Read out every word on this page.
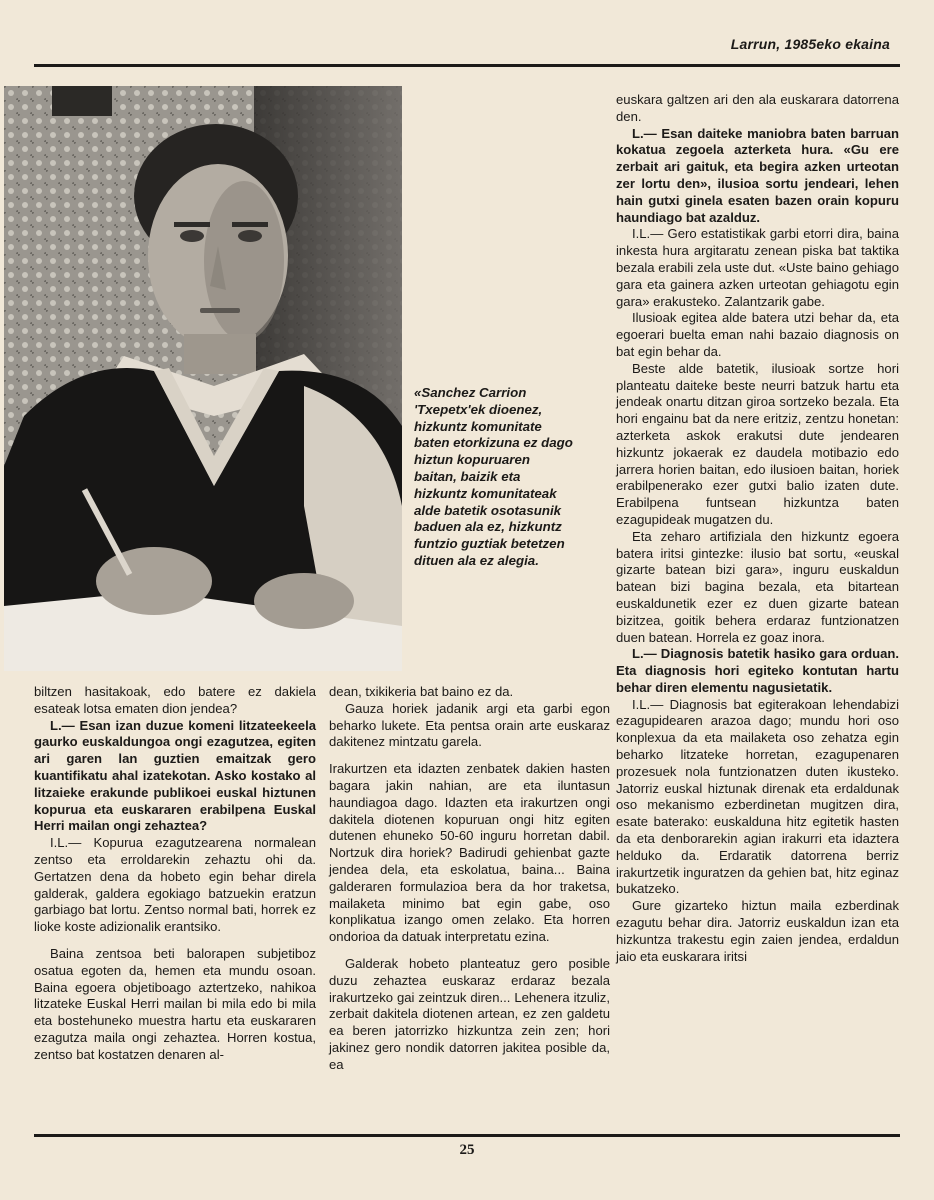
Larrun, 1985eko ekaina
«Sanchez Carrion
'Txepetx'ek dioenez,
hizkuntz komunitate
baten etorkizuna ez dago
hiztun kopuruaren
baitan, baizik eta
hizkuntz komunitateak
alde batetik osotasunik
baduen ala ez, hizkuntz
funtzio guztiak betetzen
dituen ala ez alegia.

euskara galtzen ari den ala euskarara datorrena den.

L.— Esan daiteke maniobra baten barruan kokatua zegoela azterketa hura. «Gu ere zerbait ari gaituk, eta begira azken urteotan zer lortu den», ilusioa sortu jendeari, lehen hain gutxi ginela esaten bazen orain kopuru haundiago bat azalduz.

I.L.— Gero estatistikak garbi etorri dira, baina inkesta hura argitaratu zenean piska bat taktika bezala erabili zela uste dut. «Uste baino gehiago gara eta gainera azken urteotan gehiagotu egin gara» erakusteko. Zalantzarik gabe.

Ilusioak egitea alde batera utzi behar da, eta egoerari buelta eman nahi bazaio diagnosis on bat egin behar da.

Beste alde batetik, ilusioak sortze hori planteatu daiteke beste neurri batzuk hartu eta jendeak onartu ditzan giroa sortzeko bezala. Eta hori engainu bat da nere eritziz, zentzu honetan: azterketa askok erakutsi dute jendearen hizkuntz jokaerak ez daudela motibazio edo jarrera horien baitan, edo ilusioen baitan, horiek erabilpenerako ezer gutxi balio izaten dute. Erabilpena funtsean hizkuntza baten ezagupideak mugatzen du.

Eta zeharo artifiziala den hizkuntz egoera batera iritsi gintezke: ilusio bat sortu, «euskal gizarte batean bizi gara», inguru euskaldun batean bizi bagina bezala, eta bitartean euskaldunetik ezer ez duen gizarte batean bizitzea, goitik behera erdaraz funtzionatzen duen batean. Horrela ez goaz inora.

L.— Diagnosis batetik hasiko gara orduan. Eta diagnosis hori egiteko kontutan hartu behar diren elementu nagusietatik.

I.L.— Diagnosis bat egiterakoan lehendabizi ezagupidearen arazoa dago; mundu hori oso konplexua da eta mailaketa oso zehatza egin beharko litzateke horretan, ezagupenaren prozesuek nola funtzionatzen duten ikusteko. Jatorriz euskal hiztunak direnak eta erdaldunak oso mekanismo ezberdinetan mugitzen dira, esate baterako: euskalduna hitz egitetik hasten da eta denborarekin agian irakurri eta idaztera helduko da. Erdaratik datorrena berriz irakurtzetik inguratzen da gehien bat, hitz eginaz bukatzeko.

Gure gizarteko hiztun maila ezberdinak ezagutu behar dira. Jatorriz euskaldun izan eta hizkuntza trakestu egin zaien jendea, erdaldun jaio eta euskarara iritsi

biltzen hasitakoak, edo batere ez dakiela esateak lotsa ematen dion jendea?

L.— Esan izan duzue komeni litzateekeela gaurko euskaldungoa ongi ezagutzea, egiten ari garen lan guztien emaitzak gero kuantifikatu ahal izatekotan. Asko kostako al litzaieke erakunde publikoei euskal hiztunen kopurua eta euskararen erabilpena Euskal Herri mailan ongi zehaztea?

I.L.— Kopurua ezagutzearena normalean zentso eta erroldarekin zehaztu ohi da. Gertatzen dena da hobeto egin behar direla galderak, galdera egokiago batzuekin eratzun garbiago bat lortu. Zentso normal bati, horrek ez lioke koste adizionalik erantsiko.

Baina zentsoa beti balorapen subjetiboz osatua egoten da, hemen eta mundu osoan. Baina egoera objetiboago aztertzeko, nahikoa litzateke Euskal Herri mailan bi mila edo bi mila eta bostehuneko muestra hartu eta euskararen ezagutza maila ongi zehaztea. Horren kostua, zentso bat kostatzen denaren al-

dean, txikikeria bat baino ez da.

Gauza horiek jadanik argi eta garbi egon beharko lukete. Eta pentsa orain arte euskaraz dakitenez mintzatu garela.

Irakurtzen eta idazten zenbatek dakien hasten bagara jakin nahian, are eta iluntasun haundiagoa dago. Idazten eta irakurtzen ongi dakitela diotenen kopuruan ongi hitz egiten dutenen ehuneko 50-60 inguru horretan dabil. Nortzuk dira horiek? Badirudi gehienbat gazte jendea dela, eta eskolatua, baina... Baina galderaren formulazioa bera da hor traketsa, mailaketa minimo bat egin gabe, oso konplikatua izango omen zelako. Eta horren ondorioa da datuak interpretatu ezina.

Galderak hobeto planteatuz gero posible duzu zehaztea euskaraz erdaraz bezala irakurtzeko gai zeintzuk diren... Lehenera itzuliz, zerbait dakitela diotenen artean, ez zen galdetu ea beren jatorrizko hizkuntza zein zen; hori jakinez gero nondik datorren jakitea posible da, ea

25
